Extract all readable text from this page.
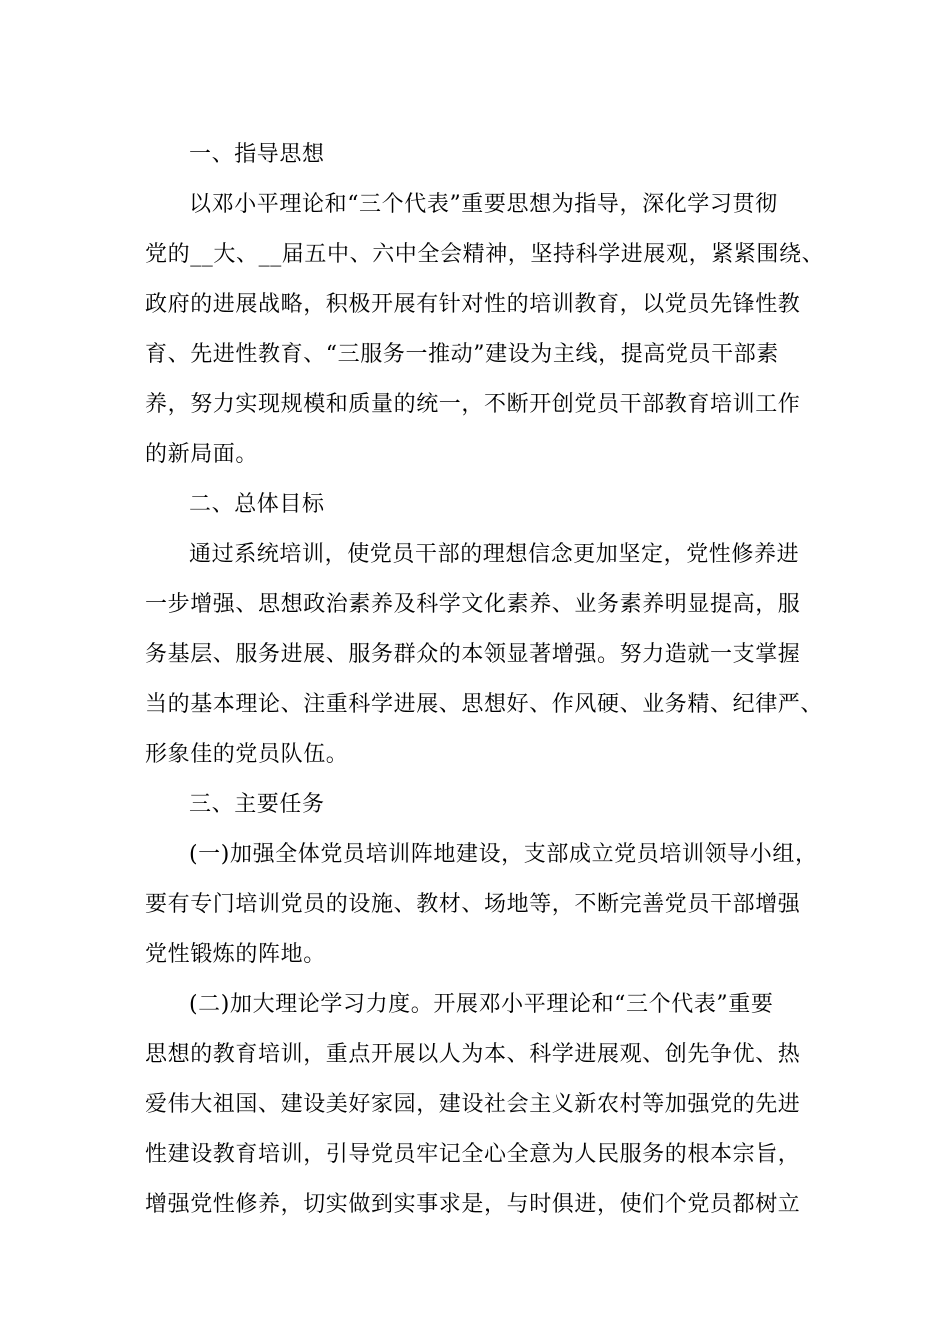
一、指导思想
以邓小平理论和“三个代表”重要思想为指导，深化学习贯彻
党的__大、__届五中、六中全会精神，坚持科学进展观，紧紧围绕、
政府的进展战略，积极开展有针对性的培训教育，以党员先锋性教
育、先进性教育、“三服务一推动”建设为主线，提高党员干部素
养，努力实现规模和质量的统一，不断开创党员干部教育培训工作
的新局面。
二、总体目标
通过系统培训，使党员干部的理想信念更加坚定，党性修养进
一步增强、思想政治素养及科学文化素养、业务素养明显提高，服
务基层、服务进展、服务群众的本领显著增强。努力造就一支掌握
当的基本理论、注重科学进展、思想好、作风硬、业务精、纪律严、
形象佳的党员队伍。
三、主要任务
(一)加强全体党员培训阵地建设，支部成立党员培训领导小组，
要有专门培训党员的设施、教材、场地等，不断完善党员干部增强
党性锻炼的阵地。
(二)加大理论学习力度。开展邓小平理论和“三个代表”重要
思想的教育培训，重点开展以人为本、科学进展观、创先争优、热
爱伟大祖国、建设美好家园，建设社会主义新农村等加强党的先进
性建设教育培训，引导党员牢记全心全意为人民服务的根本宗旨，
增强党性修养，切实做到实事求是，与时俱进，使们个党员都树立
